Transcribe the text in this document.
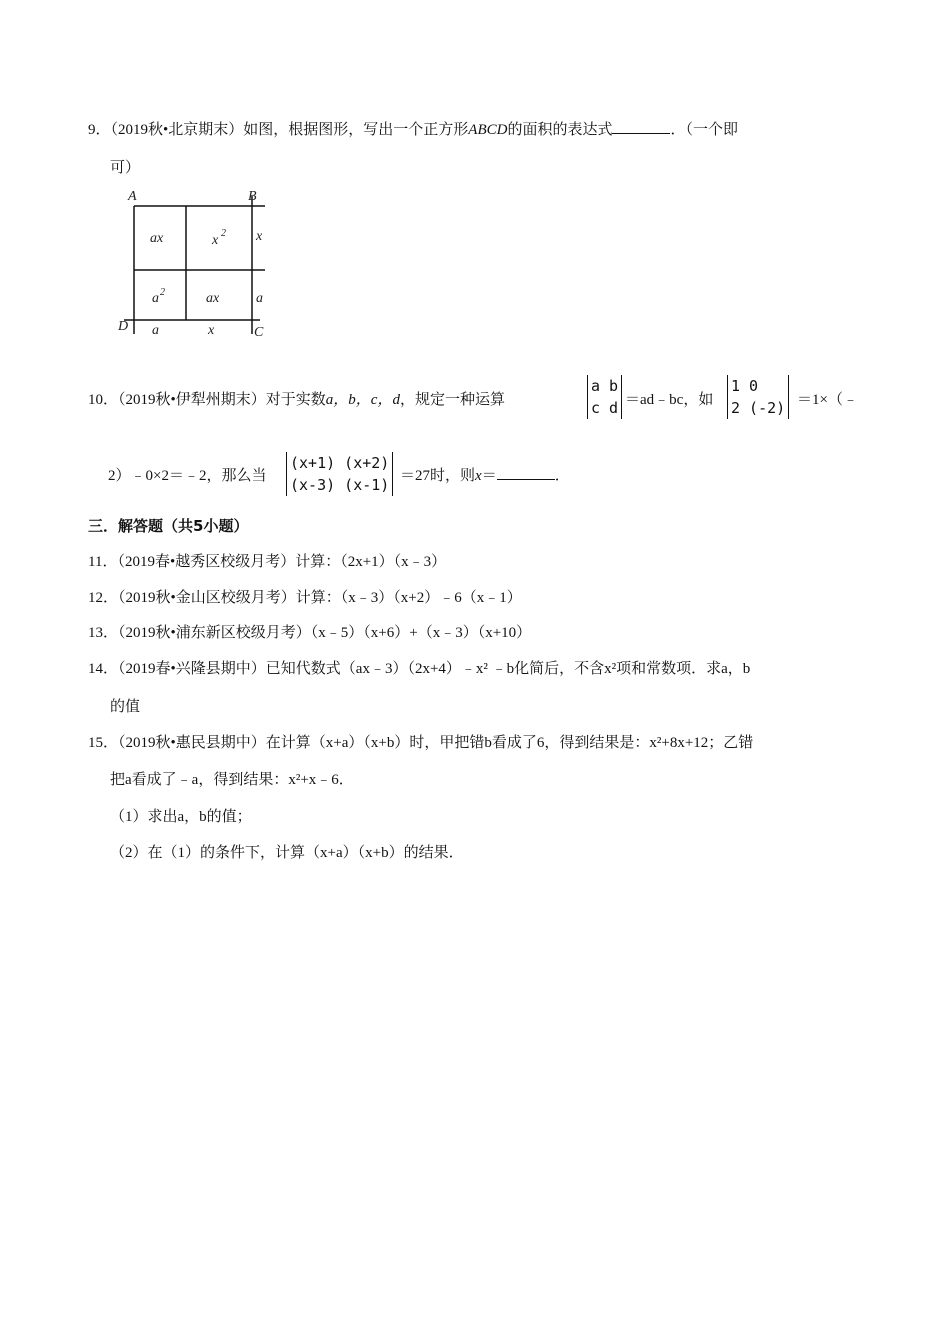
9．（2019秋•北京期末）如图，根据图形，写出一个正方形ABCD的面积的表达式	．（一个即
可）
A	B
D	C
ax	x 2
a 2	ax
x
a
a	x
10．（2019秋•伊犁州期末）对于实数a，b，c，d，规定一种运算
a b
c d ＝ad﹣bc，如
1 0
2 (-2) ＝1×（﹣
2）﹣0×2＝﹣2，那么当
(x+1) (x+2)
(x-3) (x-1) ＝27时，则x＝	．
三．解答题（共5小题）
11．（2019春•越秀区校级月考）计算：（2x+1）（x﹣3）
12．（2019秋•金山区校级月考）计算：（x﹣3）（x+2）﹣6（x﹣1）
13．（2019秋•浦东新区校级月考）（x﹣5）（x+6）+（x﹣3）（x+10）
14．（2019春•兴隆县期中）已知代数式（ax﹣3）（2x+4）﹣x² ﹣b化简后，不含x²项和常数项．求a，b
的值
15．（2019秋•惠民县期中）在计算（x+a）（x+b）时，甲把错b看成了6，得到结果是：x²+8x+12；乙错
把a看成了﹣a，得到结果：x²+x﹣6．
（1）求出a，b的值；
（2）在（1）的条件下，计算（x+a）（x+b）的结果．
